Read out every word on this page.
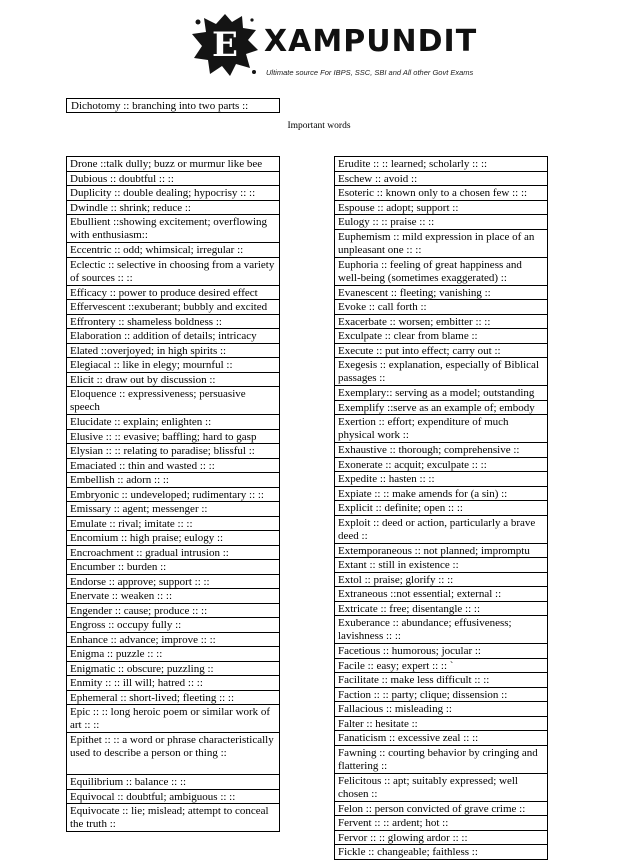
E XAMPUNDIT
Ultimate source For IBPS, SSC, SBI and All other Govt Exams
Dichotomy :: branching into two parts ::
Important words
Drone ::talk dully; buzz or murmur like bee
Dubious :: doubtful :: ::
Duplicity :: double dealing; hypocrisy :: ::
Dwindle :: shrink; reduce ::
Ebullient ::showing excitement; overflowing with enthusiasm::
Eccentric :: odd; whimsical; irregular ::
Eclectic :: selective in choosing from a variety of sources :: ::
Efficacy :: power to produce desired effect
Effervescent ::exuberant; bubbly and excited
Effrontery :: shameless boldness ::
Elaboration :: addition of details; intricacy
Elated ::overjoyed; in high spirits ::
Elegiacal :: like in elegy; mournful ::
Elicit :: draw out by discussion ::
Eloquence :: expressiveness; persuasive speech
Elucidate :: explain; enlighten ::
Elusive :: :: evasive; baffling; hard to gasp
Elysian :: :: relating to paradise; blissful ::
Emaciated :: thin and wasted :: ::
Embellish :: adorn :: ::
Embryonic :: undeveloped; rudimentary :: ::
Emissary :: agent; messenger ::
Emulate :: rival; imitate :: ::
Encomium :: high praise; eulogy ::
Encroachment :: gradual intrusion ::
Encumber :: burden ::
Endorse :: approve; support :: ::
Enervate :: weaken :: ::
Engender :: cause; produce :: ::
Engross :: occupy fully ::
Enhance :: advance; improve :: ::
Enigma :: puzzle :: ::
Enigmatic :: obscure; puzzling ::
Enmity :: :: ill will; hatred :: ::
Ephemeral :: short-lived; fleeting :: ::
Epic :: :: long heroic poem or similar work of art :: ::
Epithet :: :: a word or phrase characteristically used to describe a person or thing ::
Equilibrium :: balance :: ::
Equivocal :: doubtful; ambiguous :: ::
Equivocate :: lie; mislead; attempt to conceal the truth ::
Erudite :: :: learned; scholarly :: ::
Eschew :: avoid ::
Esoteric :: known only to a chosen few :: ::
Espouse :: adopt; support ::
Eulogy :: :: praise :: ::
Euphemism :: mild expression in place of an unpleasant one :: ::
Euphoria :: feeling of great happiness and well-being (sometimes exaggerated) ::
Evanescent :: fleeting; vanishing ::
Evoke :: call forth ::
Exacerbate :: worsen; embitter :: ::
Exculpate :: clear from blame ::
Execute :: put into effect; carry out ::
Exegesis :: explanation, especially of Biblical passages ::
Exemplary:: serving as a model; outstanding
Exemplify ::serve as an example of; embody
Exertion :: effort; expenditure of much physical work ::
Exhaustive :: thorough; comprehensive ::
Exonerate :: acquit; exculpate :: ::
Expedite :: hasten :: ::
Expiate :: :: make amends for (a sin) ::
Explicit :: definite; open :: ::
Exploit :: deed or action, particularly a brave deed ::
Extemporaneous :: not planned; impromptu
Extant :: still in existence ::
Extol :: praise; glorify :: ::
Extraneous ::not essential; external ::
Extricate :: free; disentangle :: ::
Exuberance :: abundance; effusiveness; lavishness :: ::
Facetious :: humorous; jocular ::
Facile :: easy; expert :: :: `
Facilitate :: make less difficult :: ::
Faction :: :: party; clique; dissension ::
Fallacious :: misleading ::
Falter :: hesitate ::
Fanaticism :: excessive zeal :: ::
Fawning :: courting behavior by cringing and flattering ::
Felicitous :: apt; suitably expressed; well chosen ::
Felon :: person convicted of grave crime ::
Fervent :: :: ardent; hot ::
Fervor :: :: glowing ardor :: ::
Fickle :: changeable; faithless ::
